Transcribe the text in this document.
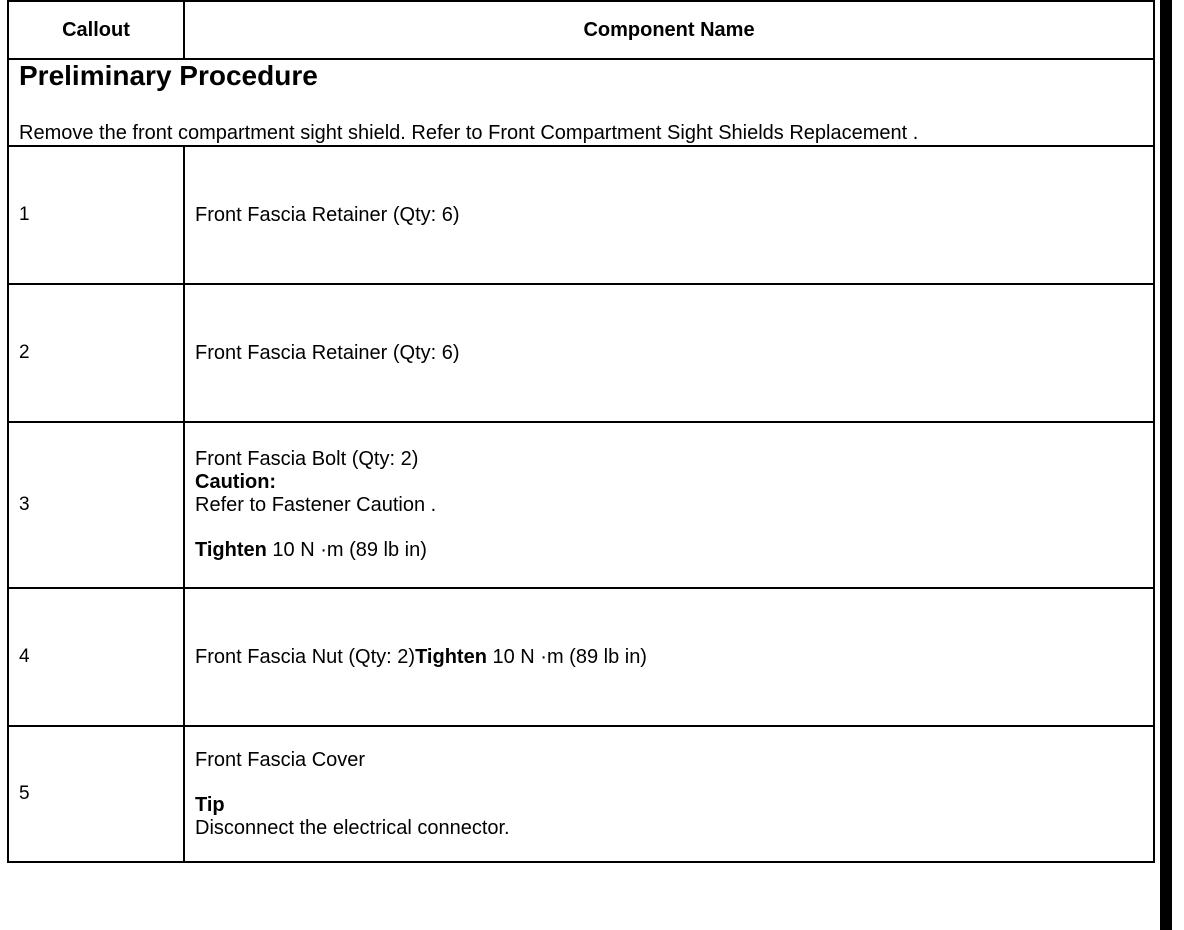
Callout	Component Name

Preliminary Procedure

Remove the front compartment sight shield. Refer to Front Compartment Sight Shields Replacement .	

1	Front Fascia Retainer (Qty: 6)
2	Front Fascia Retainer (Qty: 6)
3	Front Fascia Bolt (Qty: 2)
Caution:
Refer to Fastener Caution .
Tighten 10 N ·m (89 lb in)

4	Front Fascia Nut (Qty: 2)Tighten 10 N ·m (89 lb in)
5	Front Fascia Cover
Tip
Disconnect the electrical connector.
